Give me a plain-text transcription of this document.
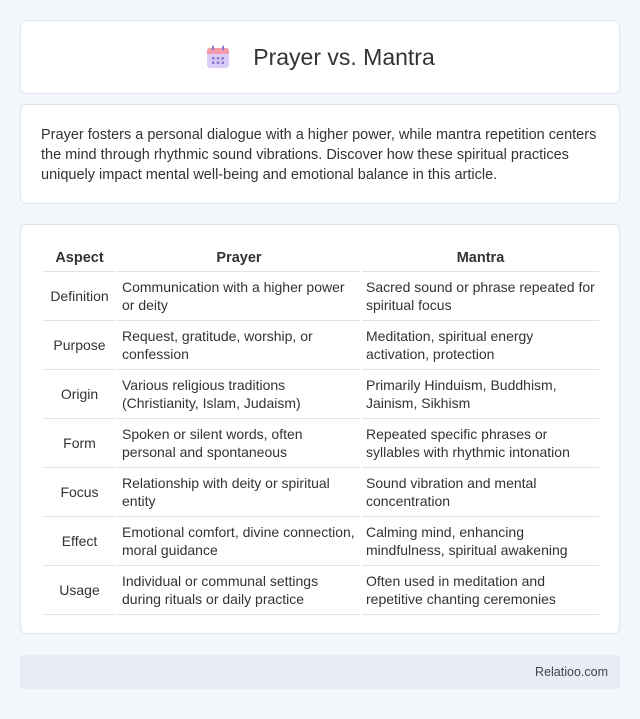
Prayer vs. Mantra

Prayer fosters a personal dialogue with a higher power, while mantra repetition centers the mind through rhythmic sound vibrations. Discover how these spiritual practices uniquely impact mental well-being and emotional balance in this article.

Aspect	Prayer	Mantra
Definition	Communication with a higher power or deity	Sacred sound or phrase repeated for spiritual focus
Purpose	Request, gratitude, worship, or confession	Meditation, spiritual energy activation, protection
Origin	Various religious traditions (Christianity, Islam, Judaism)	Primarily Hinduism, Buddhism, Jainism, Sikhism
Form	Spoken or silent words, often personal and spontaneous	Repeated specific phrases or syllables with rhythmic intonation
Focus	Relationship with deity or spiritual entity	Sound vibration and mental concentration
Effect	Emotional comfort, divine connection, moral guidance	Calming mind, enhancing mindfulness, spiritual awakening
Usage	Individual or communal settings during rituals or daily practice	Often used in meditation and repetitive chanting ceremonies
Relatioo.com
